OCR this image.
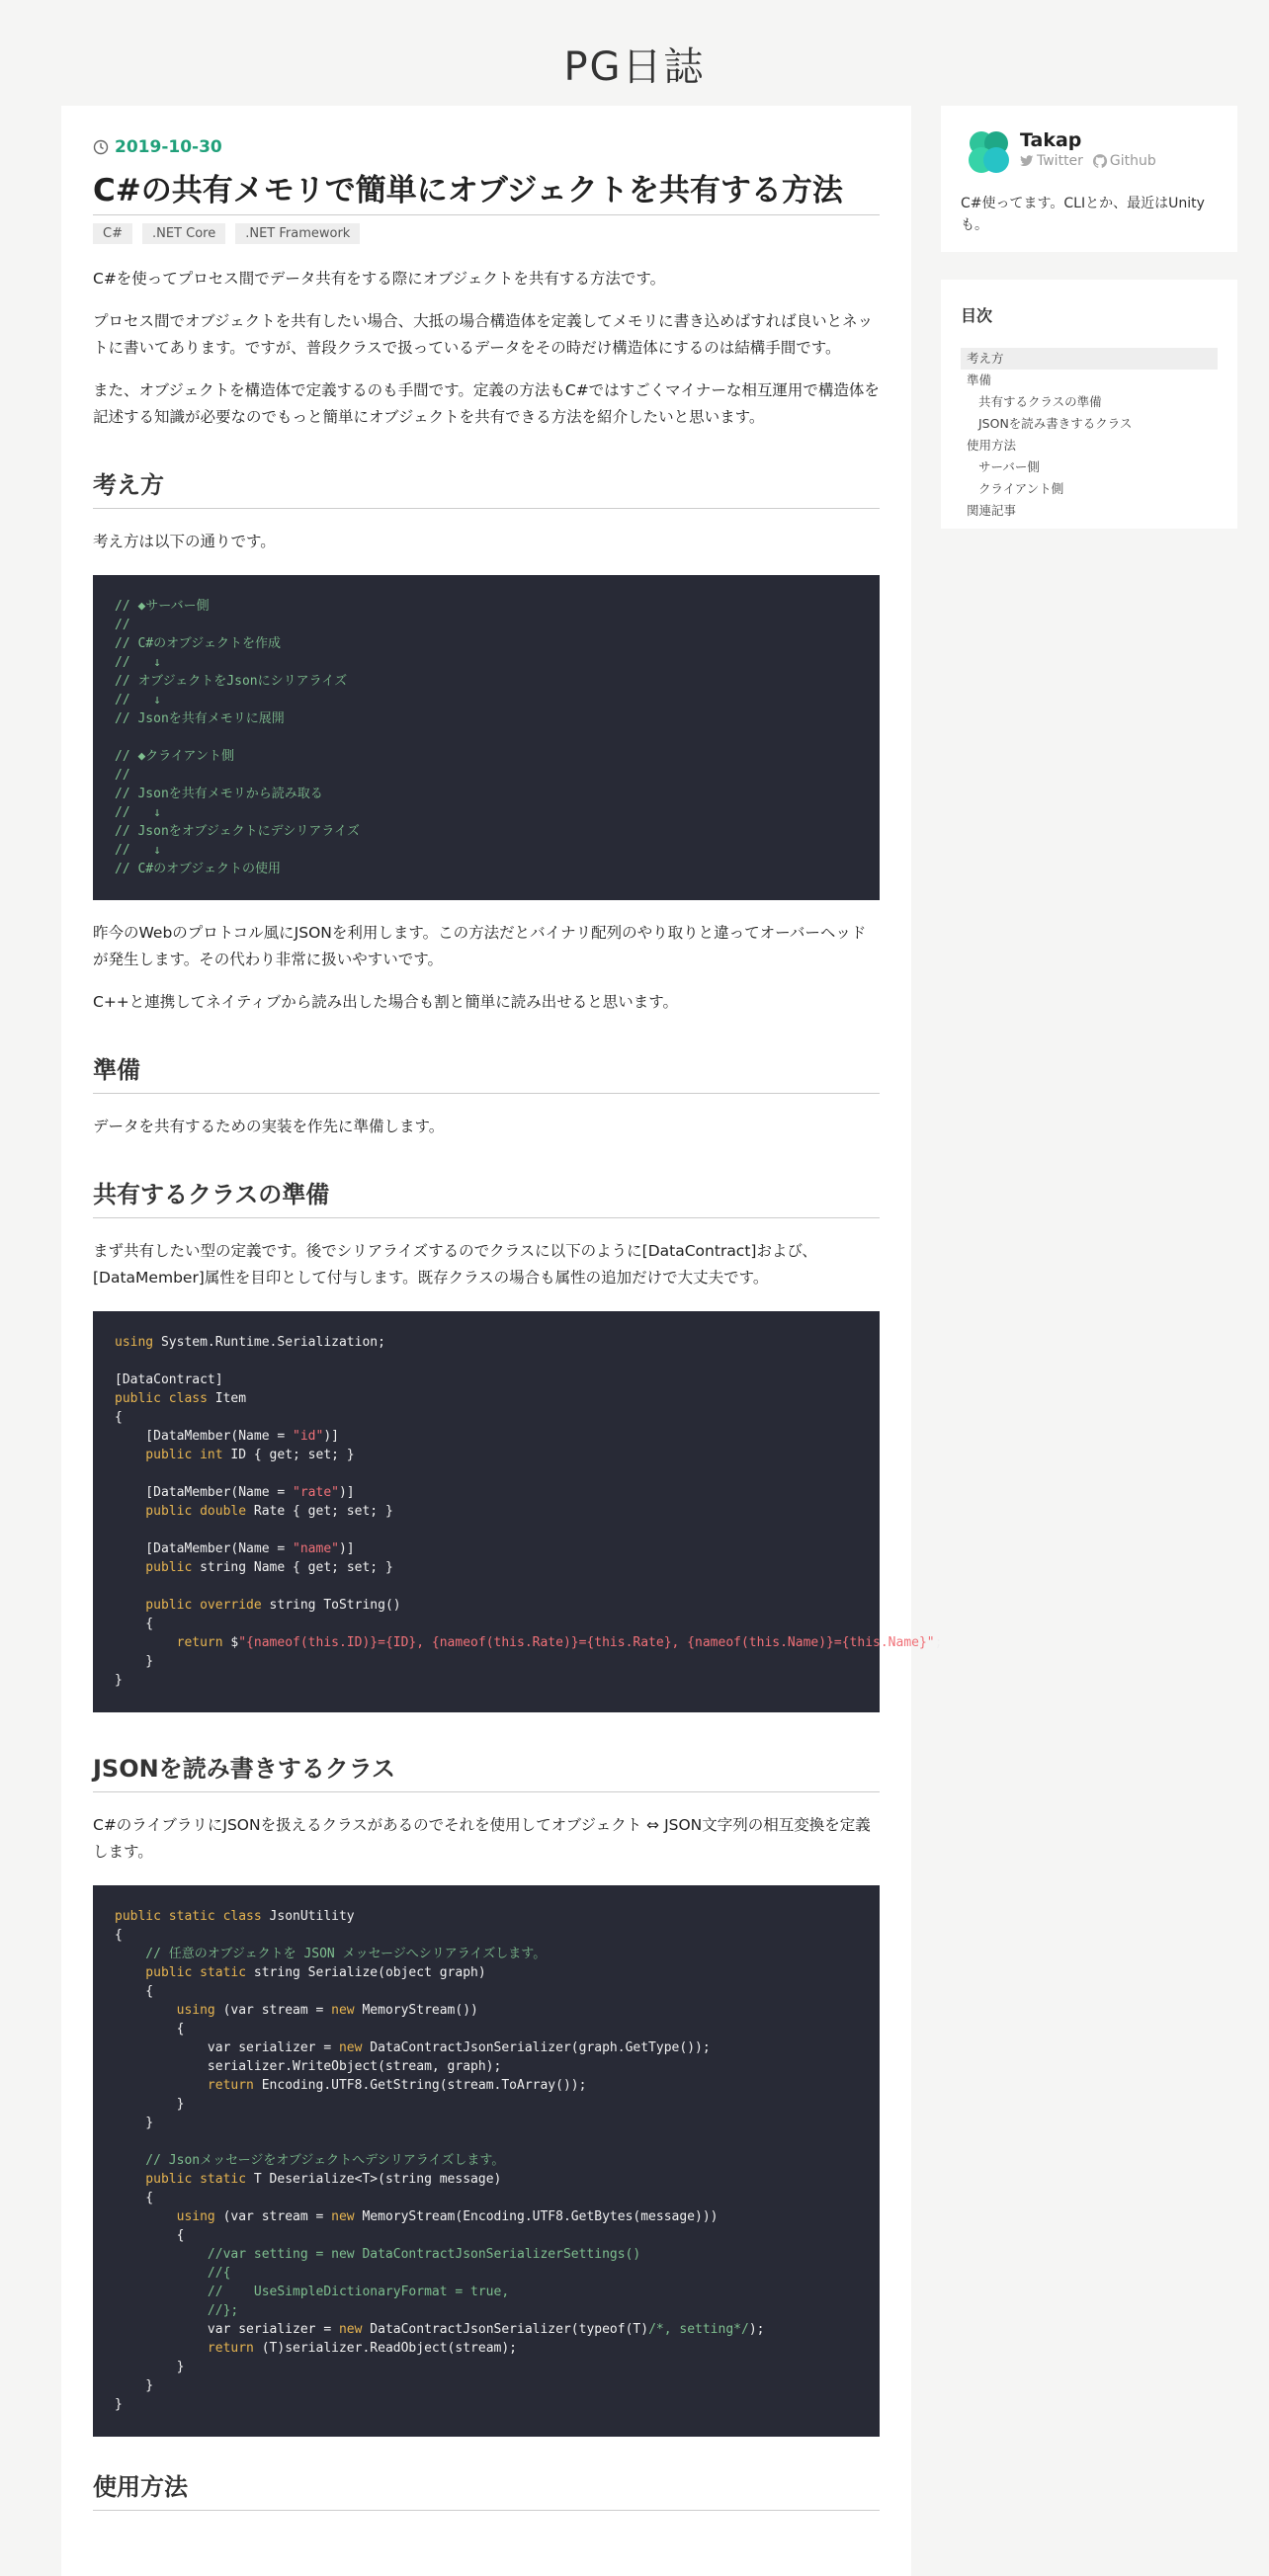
PG日誌
2019-10-30
C#の共有メモリで簡単にオブジェクトを共有する方法
C#	.NET Core	.NET Framework

C#を使ってプロセス間でデータ共有をする際にオブジェクトを共有する方法です。

プロセス間でオブジェクトを共有したい場合、大抵の場合構造体を定義してメモリに書き込めばすれば良いとネットに書いてあります。ですが、普段クラスで扱っているデータをその時だけ構造体にするのは結構手間です。

また、オブジェクトを構造体で定義するのも手間です。定義の方法もC#ではすごくマイナーな相互運用で構造体を記述する知識が必要なのでもっと簡単にオブジェクトを共有できる方法を紹介したいと思います。

考え方

考え方は以下の通りです。

// ◆サーバー側
//
// C#のオブジェクトを作成
//   ↓
// オブジェクトをJsonにシリアライズ
//   ↓
// Jsonを共有メモリに展開

// ◆クライアント側
//
// Jsonを共有メモリから読み取る
//   ↓
// Jsonをオブジェクトにデシリアライズ
//   ↓
// C#のオブジェクトの使用

昨今のWebのプロトコル風にJSONを利用します。この方法だとバイナリ配列のやり取りと違ってオーバーヘッドが発生します。その代わり非常に扱いやすいです。

C++と連携してネイティブから読み出した場合も割と簡単に読み出せると思います。

準備

データを共有するための実装を作先に準備します。

共有するクラスの準備

まず共有したい型の定義です。後でシリアライズするのでクラスに以下のように[DataContract]および、[DataMember]属性を目印として付与します。既存クラスの場合も属性の追加だけで大丈夫です。

using System.Runtime.Serialization;

[DataContract]
public class Item
{
[DataMember(Name = "id")]
public int ID { get; set; }

[DataMember(Name = "rate")]
public double Rate { get; set; }

[DataMember(Name = "name")]
public string Name { get; set; }

public override string ToString()
{
return $"{nameof(this.ID)}={ID}, {nameof(this.Rate)}={this.Rate}, {nameof(this.Name)}={this.Name}";
}
}
JSONを読み書きするクラス

C#のライブラリにJSONを扱えるクラスがあるのでそれを使用してオブジェクト ⇔ JSON文字列の相互変換を定義します。

public static class JsonUtility
{
// 任意のオブジェクトを JSON メッセージへシリアライズします。
public static string Serialize(object graph)
{
using (var stream = new MemoryStream())
{
var serializer = new DataContractJsonSerializer(graph.GetType());
serializer.WriteObject(stream, graph);
return Encoding.UTF8.GetString(stream.ToArray());
}
}

// Jsonメッセージをオブジェクトへデシリアライズします。
public static T Deserialize<T>(string message)
{
using (var stream = new MemoryStream(Encoding.UTF8.GetBytes(message)))
{
//var setting = new DataContractJsonSerializerSettings()
//{
//    UseSimpleDictionaryFormat = true,
//};
var serializer = new DataContractJsonSerializer(typeof(T)/*, setting*/);
return (T)serializer.ReadObject(stream);
}
}
}
使用方法
Takap
Twitter Github
C#使ってます。CLIとか、最近はUnityも。
目次
考え方
準備
共有するクラスの準備
JSONを読み書きするクラス
使用方法
サーバー側
クライアント側
関連記事
